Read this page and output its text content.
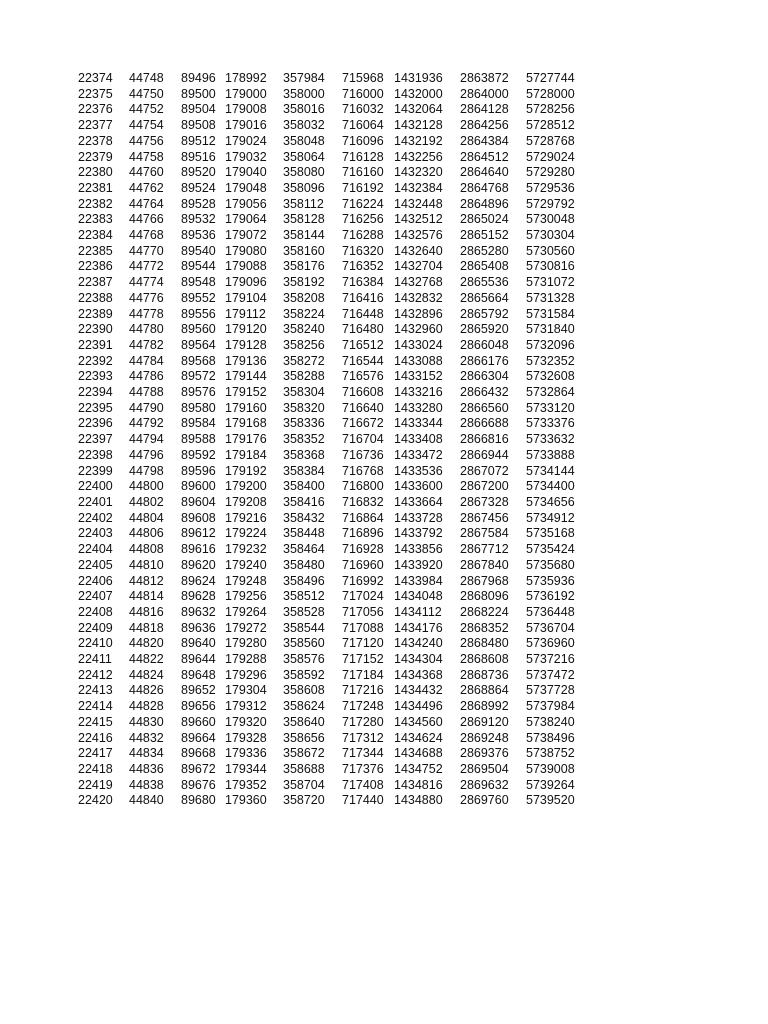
22374	44748	89496	178992	357984	715968	1431936	2863872	5727744
22375	44750	89500	179000	358000	716000	1432000	2864000	5728000
22376	44752	89504	179008	358016	716032	1432064	2864128	5728256
22377	44754	89508	179016	358032	716064	1432128	2864256	5728512
22378	44756	89512	179024	358048	716096	1432192	2864384	5728768
22379	44758	89516	179032	358064	716128	1432256	2864512	5729024
22380	44760	89520	179040	358080	716160	1432320	2864640	5729280
22381	44762	89524	179048	358096	716192	1432384	2864768	5729536
22382	44764	89528	179056	358112	716224	1432448	2864896	5729792
22383	44766	89532	179064	358128	716256	1432512	2865024	5730048
22384	44768	89536	179072	358144	716288	1432576	2865152	5730304
22385	44770	89540	179080	358160	716320	1432640	2865280	5730560
22386	44772	89544	179088	358176	716352	1432704	2865408	5730816
22387	44774	89548	179096	358192	716384	1432768	2865536	5731072
22388	44776	89552	179104	358208	716416	1432832	2865664	5731328
22389	44778	89556	179112	358224	716448	1432896	2865792	5731584
22390	44780	89560	179120	358240	716480	1432960	2865920	5731840
22391	44782	89564	179128	358256	716512	1433024	2866048	5732096
22392	44784	89568	179136	358272	716544	1433088	2866176	5732352
22393	44786	89572	179144	358288	716576	1433152	2866304	5732608
22394	44788	89576	179152	358304	716608	1433216	2866432	5732864
22395	44790	89580	179160	358320	716640	1433280	2866560	5733120
22396	44792	89584	179168	358336	716672	1433344	2866688	5733376
22397	44794	89588	179176	358352	716704	1433408	2866816	5733632
22398	44796	89592	179184	358368	716736	1433472	2866944	5733888
22399	44798	89596	179192	358384	716768	1433536	2867072	5734144
22400	44800	89600	179200	358400	716800	1433600	2867200	5734400
22401	44802	89604	179208	358416	716832	1433664	2867328	5734656
22402	44804	89608	179216	358432	716864	1433728	2867456	5734912
22403	44806	89612	179224	358448	716896	1433792	2867584	5735168
22404	44808	89616	179232	358464	716928	1433856	2867712	5735424
22405	44810	89620	179240	358480	716960	1433920	2867840	5735680
22406	44812	89624	179248	358496	716992	1433984	2867968	5735936
22407	44814	89628	179256	358512	717024	1434048	2868096	5736192
22408	44816	89632	179264	358528	717056	1434112	2868224	5736448
22409	44818	89636	179272	358544	717088	1434176	2868352	5736704
22410	44820	89640	179280	358560	717120	1434240	2868480	5736960
22411	44822	89644	179288	358576	717152	1434304	2868608	5737216
22412	44824	89648	179296	358592	717184	1434368	2868736	5737472
22413	44826	89652	179304	358608	717216	1434432	2868864	5737728
22414	44828	89656	179312	358624	717248	1434496	2868992	5737984
22415	44830	89660	179320	358640	717280	1434560	2869120	5738240
22416	44832	89664	179328	358656	717312	1434624	2869248	5738496
22417	44834	89668	179336	358672	717344	1434688	2869376	5738752
22418	44836	89672	179344	358688	717376	1434752	2869504	5739008
22419	44838	89676	179352	358704	717408	1434816	2869632	5739264
22420	44840	89680	179360	358720	717440	1434880	2869760	5739520
